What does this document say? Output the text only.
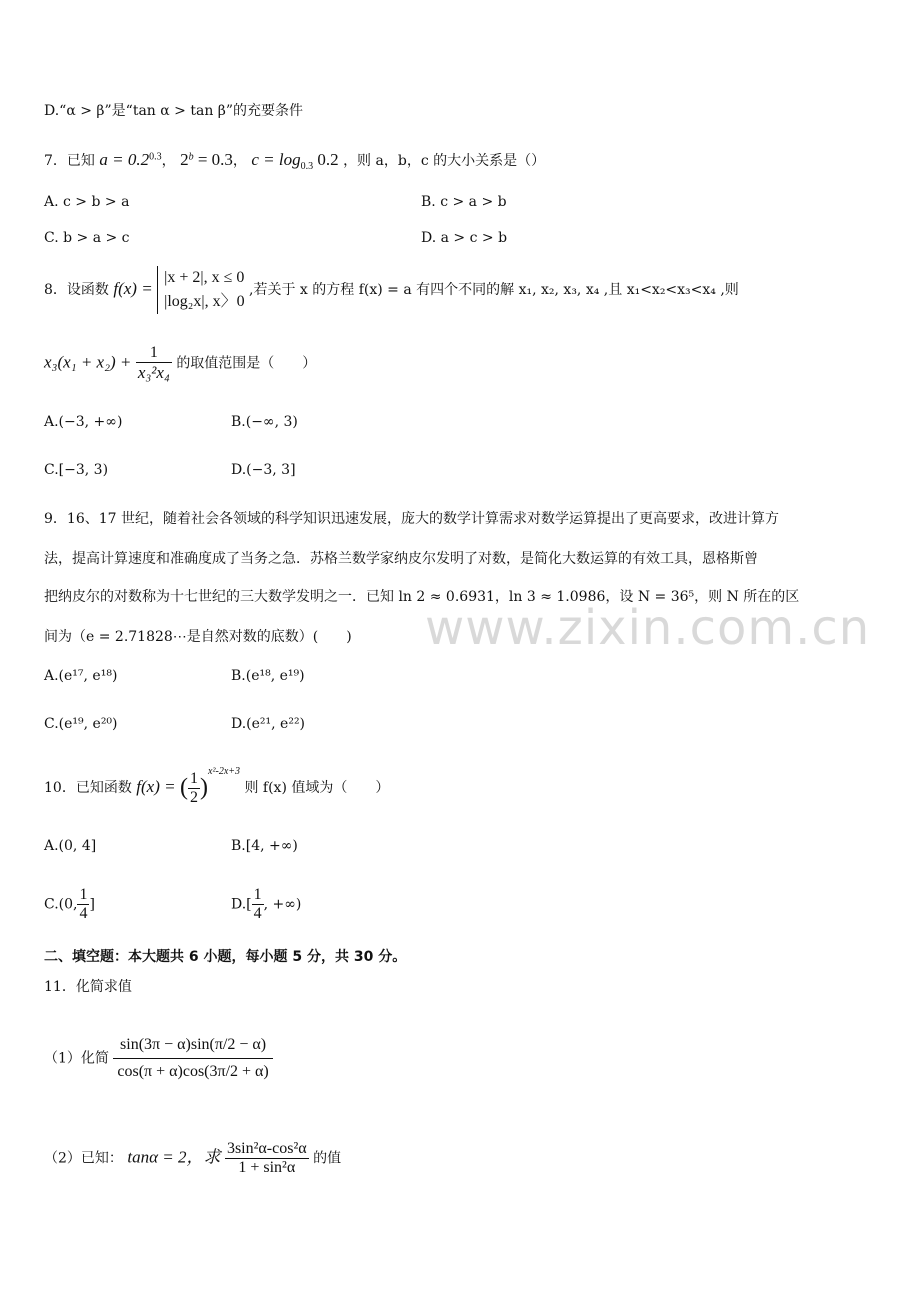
www.zixin.com.cn
D.“α > β”是“tan α > tan β”的充要条件
7．已知 $a = 0.2^{0.3}$， $2^b = 0.3$， $c = \log_{0.3} 0.2$ ，则 a，b，c 的大小关系是（）
A. c > b > a	B. c > a > b
C. b > a > c	D. a > c > b
8．设函数 f(x) =
|x + 2|, x ≤ 0
|log₂x|, x〉0
,若关于 x 的方程 f(x) = a 有四个不同的解 x₁, x₂, x₃, x₄ ,且 x₁<x₂<x₃<x₄ ,则
$x_3(x_1 + x_2) + \frac{1}{\text{x₃²x₄}}$ 的取值范围是（　　）
A.(−3, +∞)	B.(−∞, 3)
C.[−3, 3)	D.(−3, 3]
9．16、17 世纪，随着社会各领域的科学知识迅速发展，庞大的数学计算需求对数学运算提出了更高要求，改进计算方
法，提高计算速度和准确度成了当务之急．苏格兰数学家纳皮尔发明了对数，是简化大数运算的有效工具，恩格斯曾
把纳皮尔的对数称为十七世纪的三大数学发明之一．已知 ln 2 ≈ 0.6931，ln 3 ≈ 1.0986，设 N = 36⁵，则 N 所在的区
间为（e = 2.71828⋯是自然对数的底数）(　　)
A.(e¹⁷, e¹⁸)	B.(e¹⁸, e¹⁹)
C.(e¹⁹, e²⁰)	D.(e²¹, e²²)
10．已知函数 f(x) = ( $\frac{1}{2} )^{x^2-2x+3}$ 则 f(x) 值域为（　　）
A.(0, 4]	B.[4, +∞)
C.(0, $\frac{1}{4}$ ]	$D.[ \frac{1}{4}$ , +∞)
二、填空题：本大题共 6 小题，每小题 5 分，共 30 分。
11．化简求值
（1）化简 $\frac{\sin(3\pi - \alpha)\sin(\pi/2 - \alpha)}{\cos(\pi + \alpha)\cos(3\pi/2 + \alpha)}$
（2）已知： tanα = 2，求 $\frac{\text{3sin²α-cos²α}}{\text{1 + sin²α}}$ 的值
